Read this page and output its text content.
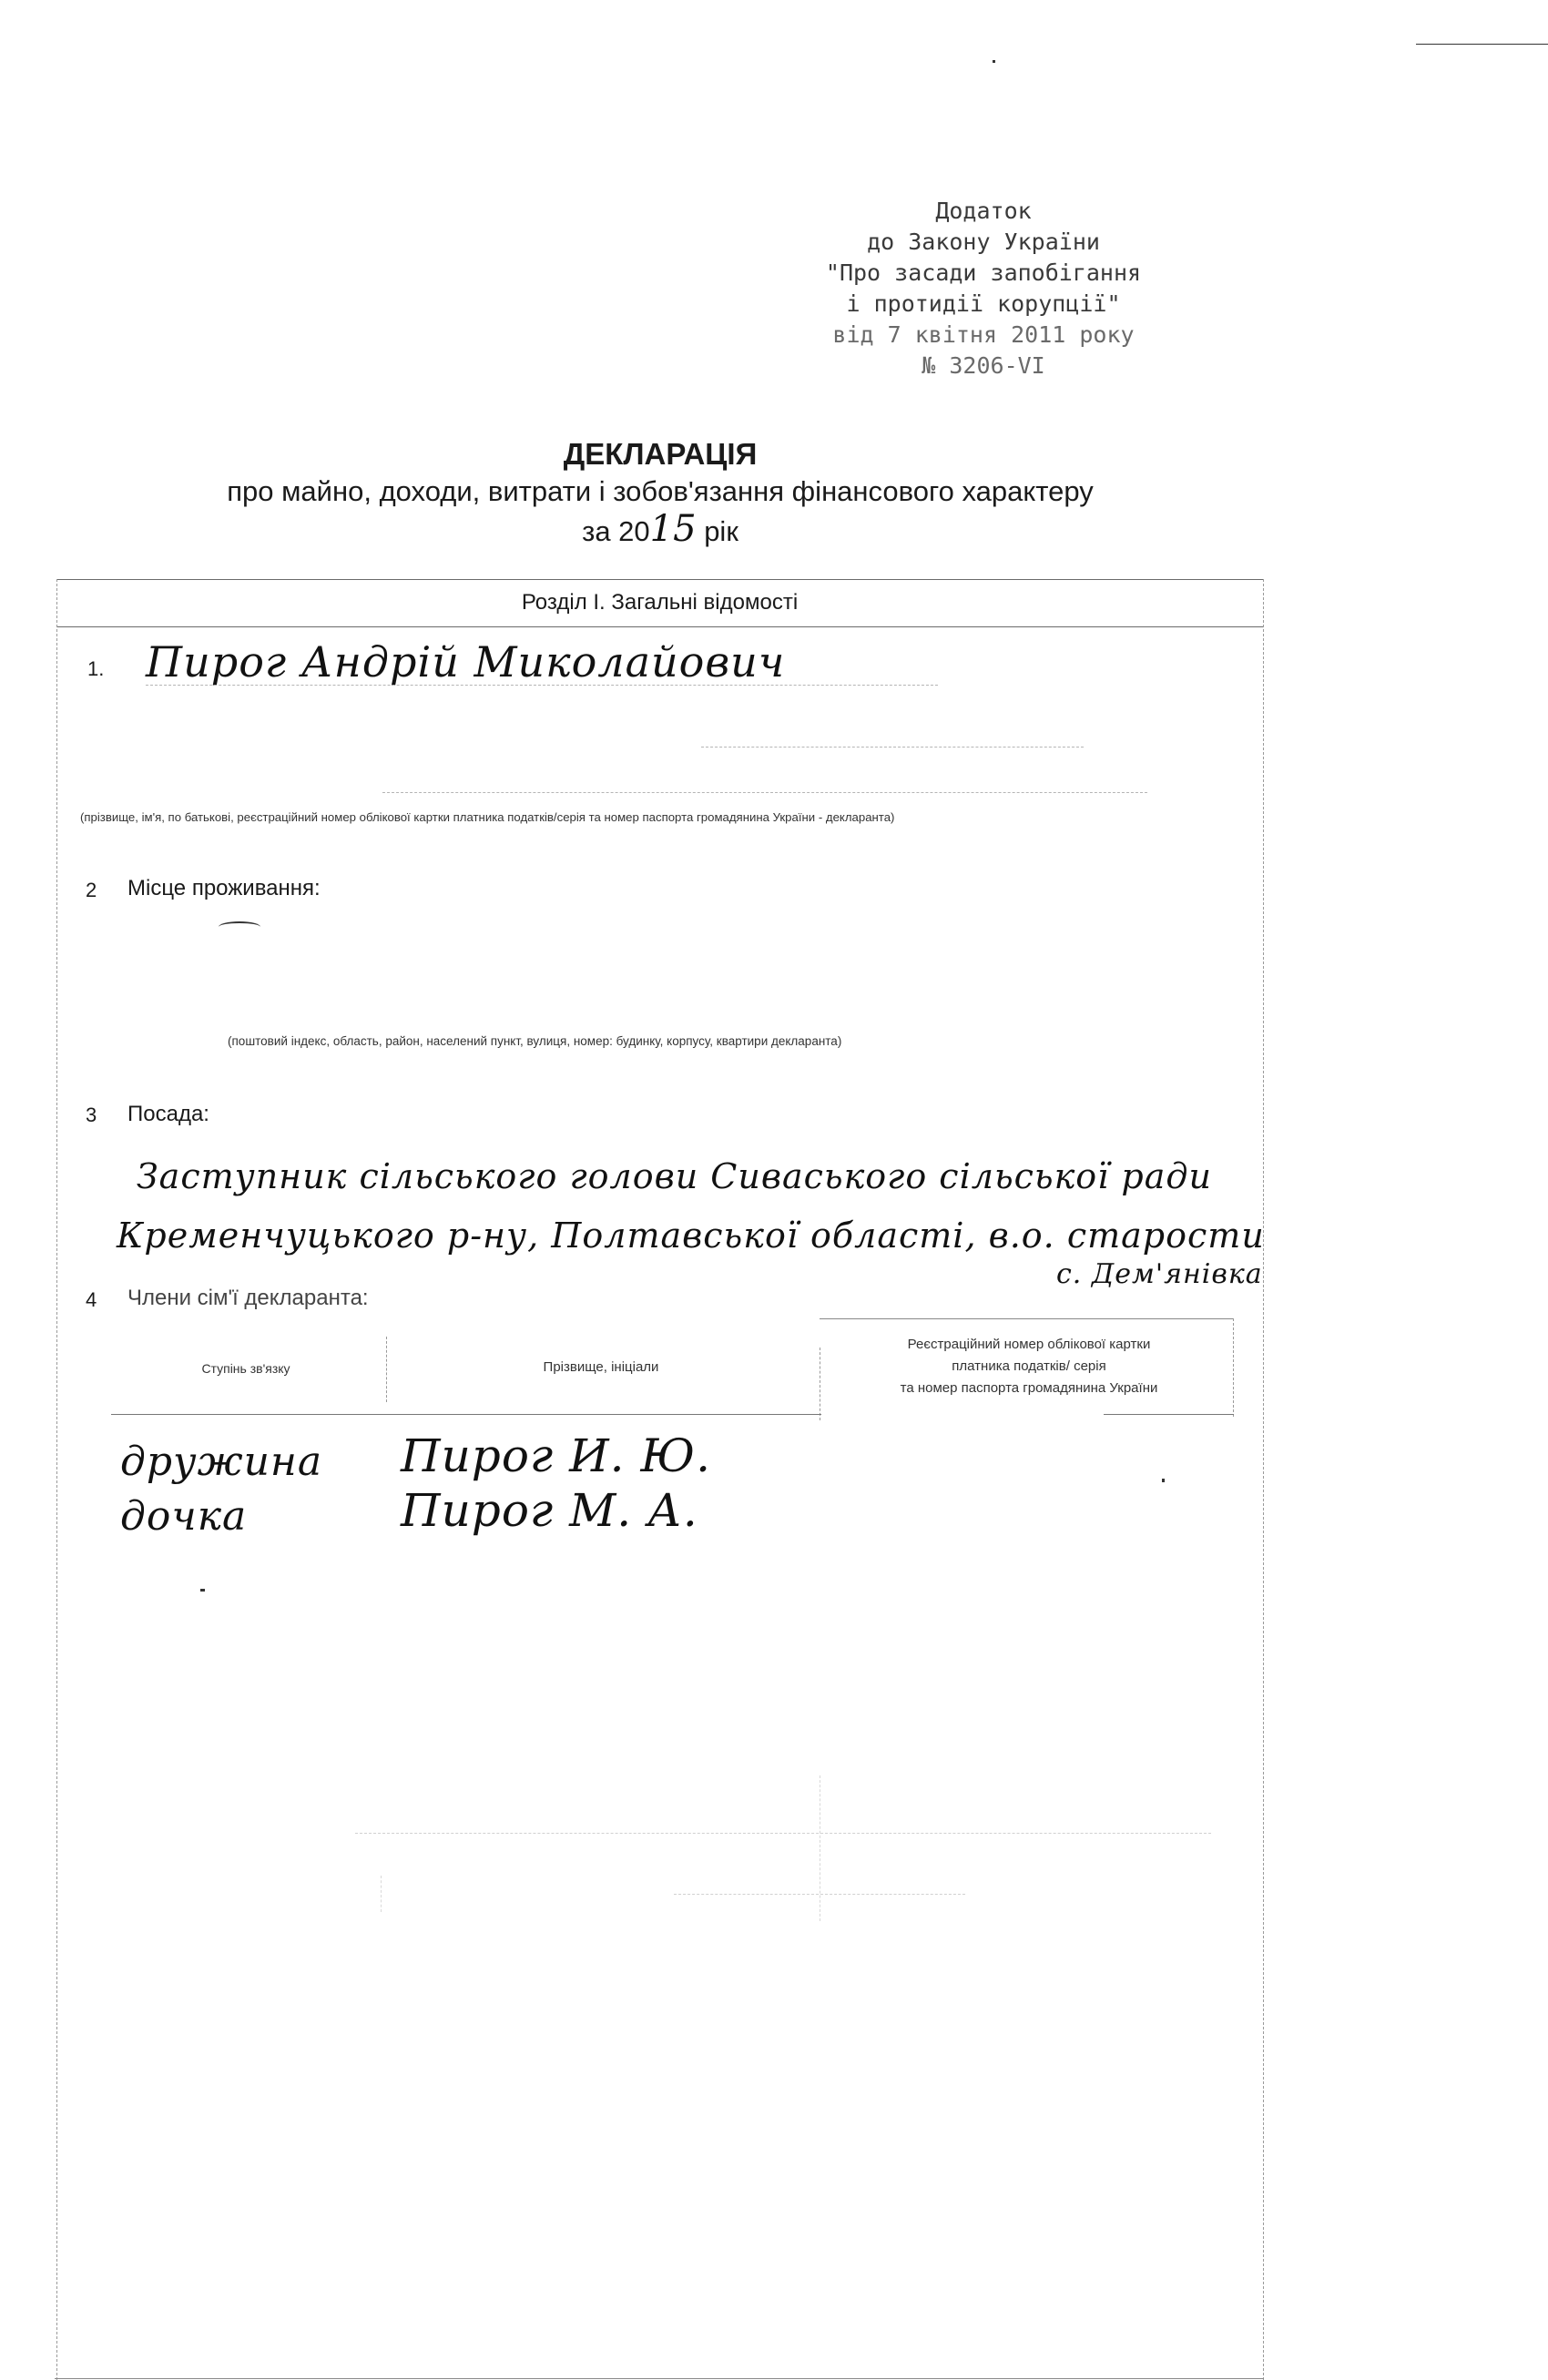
Додаток
до Закону України
"Про засади запобігання
і протидії корупції"
від 7 квітня 2011 року
№ 3206-VI
ДЕКЛАРАЦІЯ
про майно, доходи, витрати і зобов'язання фінансового характеру
за 2015 рік
Розділ І. Загальні відомості
1. Пирог Андрій Миколайович
(прізвище, ім'я, по батькові, реєстраційний номер облікової картки платника податків/серія та номер паспорта громадянина України - декларанта)
2 Місце проживання:
(поштовий індекс, область, район, населений пункт, вулиця, номер: будинку, корпусу, квартири декларанта)
3 Посада:
Заступник сільського голови Сиваського сільської ради
Кременчуцького р-ну, Полтавської області, в.о. старости
с. Дем'янівка
4 Члени сім'ї декларанта:
Ступінь зв'язку	Прізвище, ініціали
Реєстраційний номер облікової картки
платника податків/ серія
та номер паспорта громадянина України
дружина Пирог И. Ю.
дочка	Пирог М. А.
